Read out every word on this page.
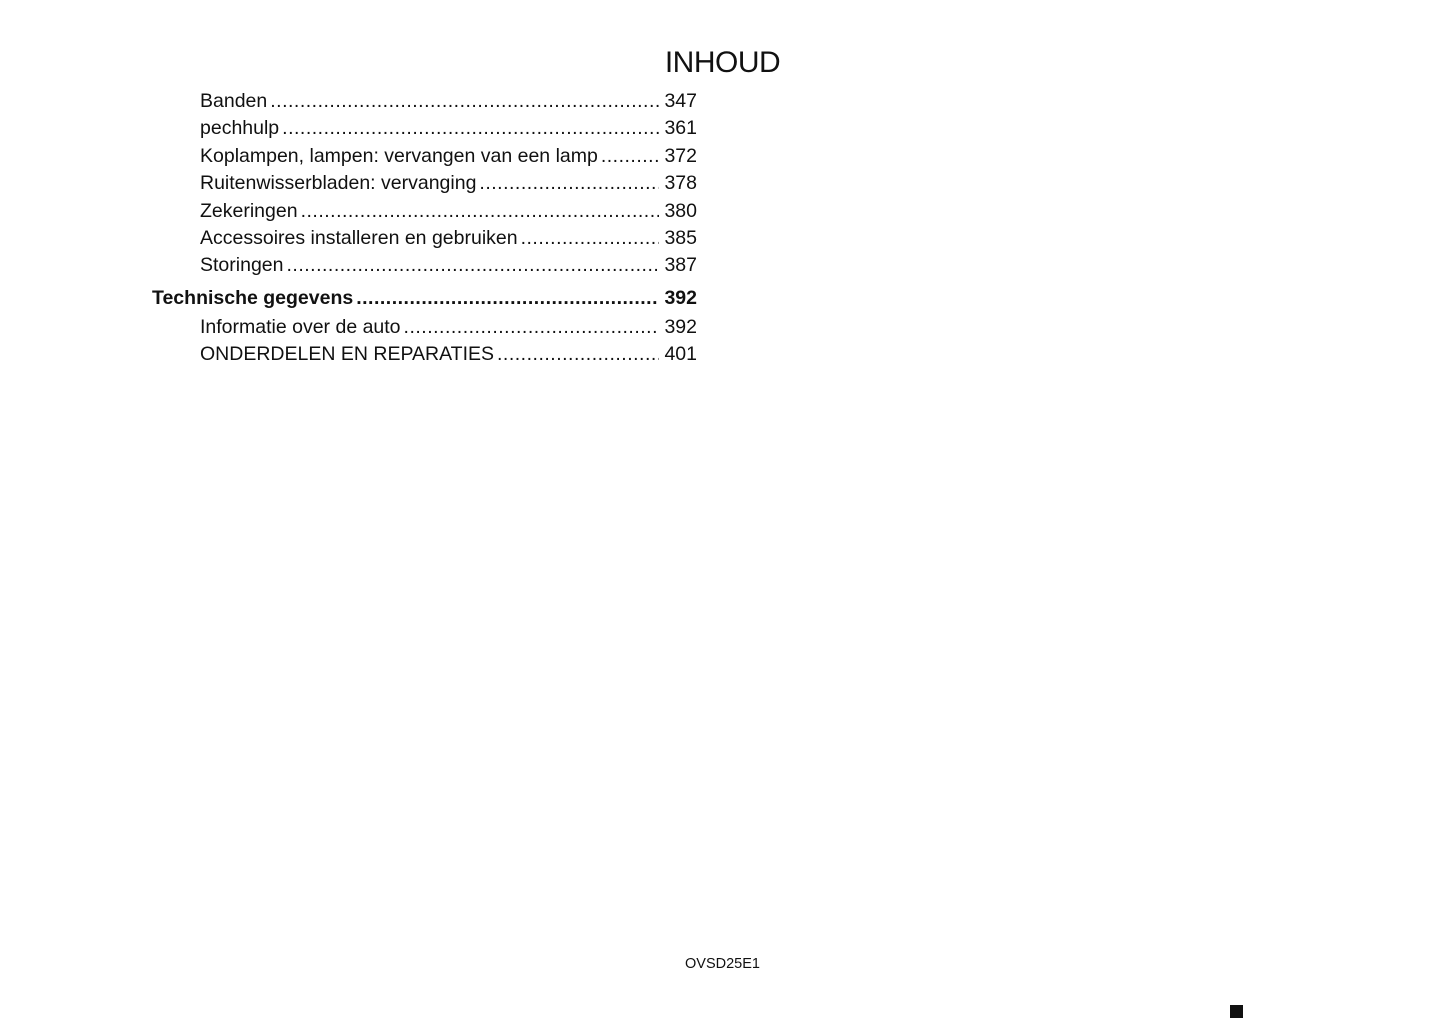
INHOUD
Banden .....	347
pechhulp .....	361
Koplampen, lampen: vervangen van een lamp .....	372
Ruitenwisserbladen: vervanging .....	378
Zekeringen .....	380
Accessoires installeren en gebruiken .....	385
Storingen .....	387
Technische gegevens .....	392
Informatie over de auto .....	392
ONDERDELEN EN REPARATIES .....	401
OVSD25E1
